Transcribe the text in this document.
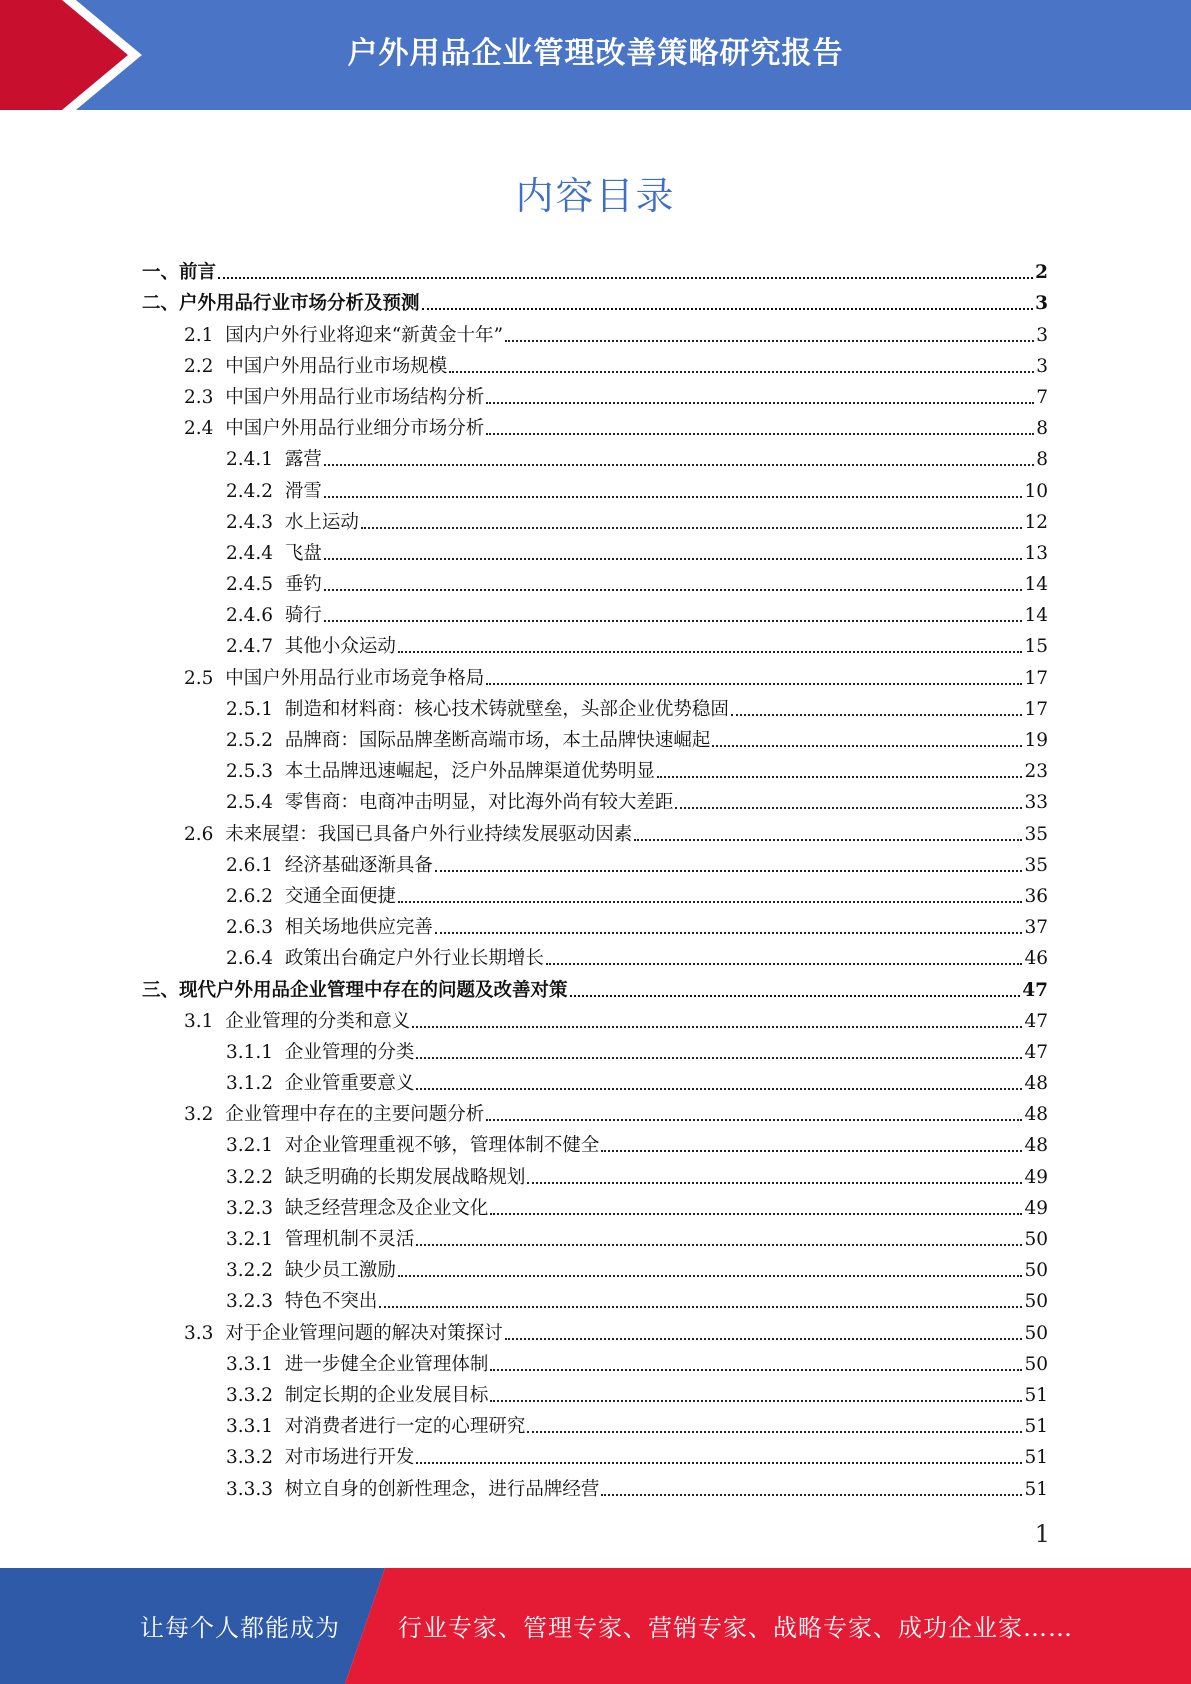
户外用品企业管理改善策略研究报告
内容目录
一、 前言	2
二、 户外用品行业市场分析及预测	3
2.1 国内户外行业将迎来“新黄金十年”	3
2.2 中国户外用品行业市场规模	3
2.3 中国户外用品行业市场结构分析	7
2.4 中国户外用品行业细分市场分析	8
2.4.1 露营	8
2.4.2 滑雪	10
2.4.3 水上运动	12
2.4.4 飞盘	13
2.4.5 垂钓	14
2.4.6 骑行	14
2.4.7 其他小众运动	15
2.5 中国户外用品行业市场竞争格局	17
2.5.1 制造和材料商：核心技术铸就壁垒，头部企业优势稳固	17
2.5.2 品牌商：国际品牌垄断高端市场，本土品牌快速崛起	19
2.5.3 本土品牌迅速崛起，泛户外品牌渠道优势明显	23
2.5.4 零售商：电商冲击明显，对比海外尚有较大差距	33
2.6 未来展望：我国已具备户外行业持续发展驱动因素	35
2.6.1 经济基础逐渐具备	35
2.6.2 交通全面便捷	36
2.6.3 相关场地供应完善	37
2.6.4 政策出台确定户外行业长期增长	46
三、 现代户外用品企业管理中存在的问题及改善对策	47
3.1 企业管理的分类和意义	47
3.1.1 企业管理的分类	47
3.1.2 企业管重要意义	48
3.2 企业管理中存在的主要问题分析	48
3.2.1 对企业管理重视不够，管理体制不健全	48
3.2.2 缺乏明确的长期发展战略规划	49
3.2.3 缺乏经营理念及企业文化	49
3.2.1 管理机制不灵活	50
3.2.2 缺少员工激励	50
3.2.3 特色不突出	50
3.3 对于企业管理问题的解决对策探讨	50
3.3.1 进一步健全企业管理体制	50
3.3.2 制定长期的企业发展目标	51
3.3.1 对消费者进行一定的心理研究	51
3.3.2 对市场进行开发	51
3.3.3 树立自身的创新性理念，进行品牌经营	51
1
让每个人都能成为 行业专家、管理专家、营销专家、战略专家、成功企业家……
